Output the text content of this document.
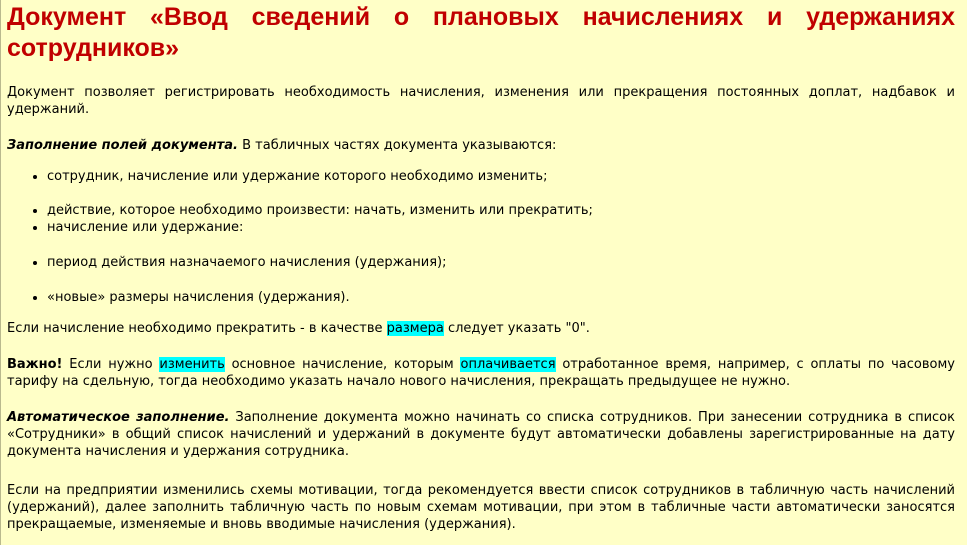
Документ «Ввод сведений о плановых начислениях и удержаниях сотрудников»

Документ позволяет регистрировать необходимость начисления, изменения или прекращения постоянных доплат, надбавок и удержаний.

Заполнение полей документа. В табличных частях документа указываются:

• сотрудник, начисление или удержание которого необходимо изменить;
• действие, которое необходимо произвести: начать, изменить или прекратить;
• начисление или удержание:
• период действия назначаемого начисления (удержания);
• «новые» размеры начисления (удержания).

Если начисление необходимо прекратить - в качестве размера следует указать "0".

Важно! Если нужно изменить основное начисление, которым оплачивается отработанное время, например, с оплаты по часовому тарифу на сдельную, тогда необходимо указать начало нового начисления, прекращать предыдущее не нужно.

Автоматическое заполнение. Заполнение документа можно начинать со списка сотрудников. При занесении сотрудника в список «Сотрудники» в общий список начислений и удержаний в документе будут автоматически добавлены зарегистрированные на дату документа начисления и удержания сотрудника.

Если на предприятии изменились схемы мотивации, тогда рекомендуется ввести список сотрудников в табличную часть начислений (удержаний), далее заполнить табличную часть по новым схемам мотивации, при этом в табличные части автоматически заносятся прекращаемые, изменяемые и вновь вводимые начисления (удержания).
